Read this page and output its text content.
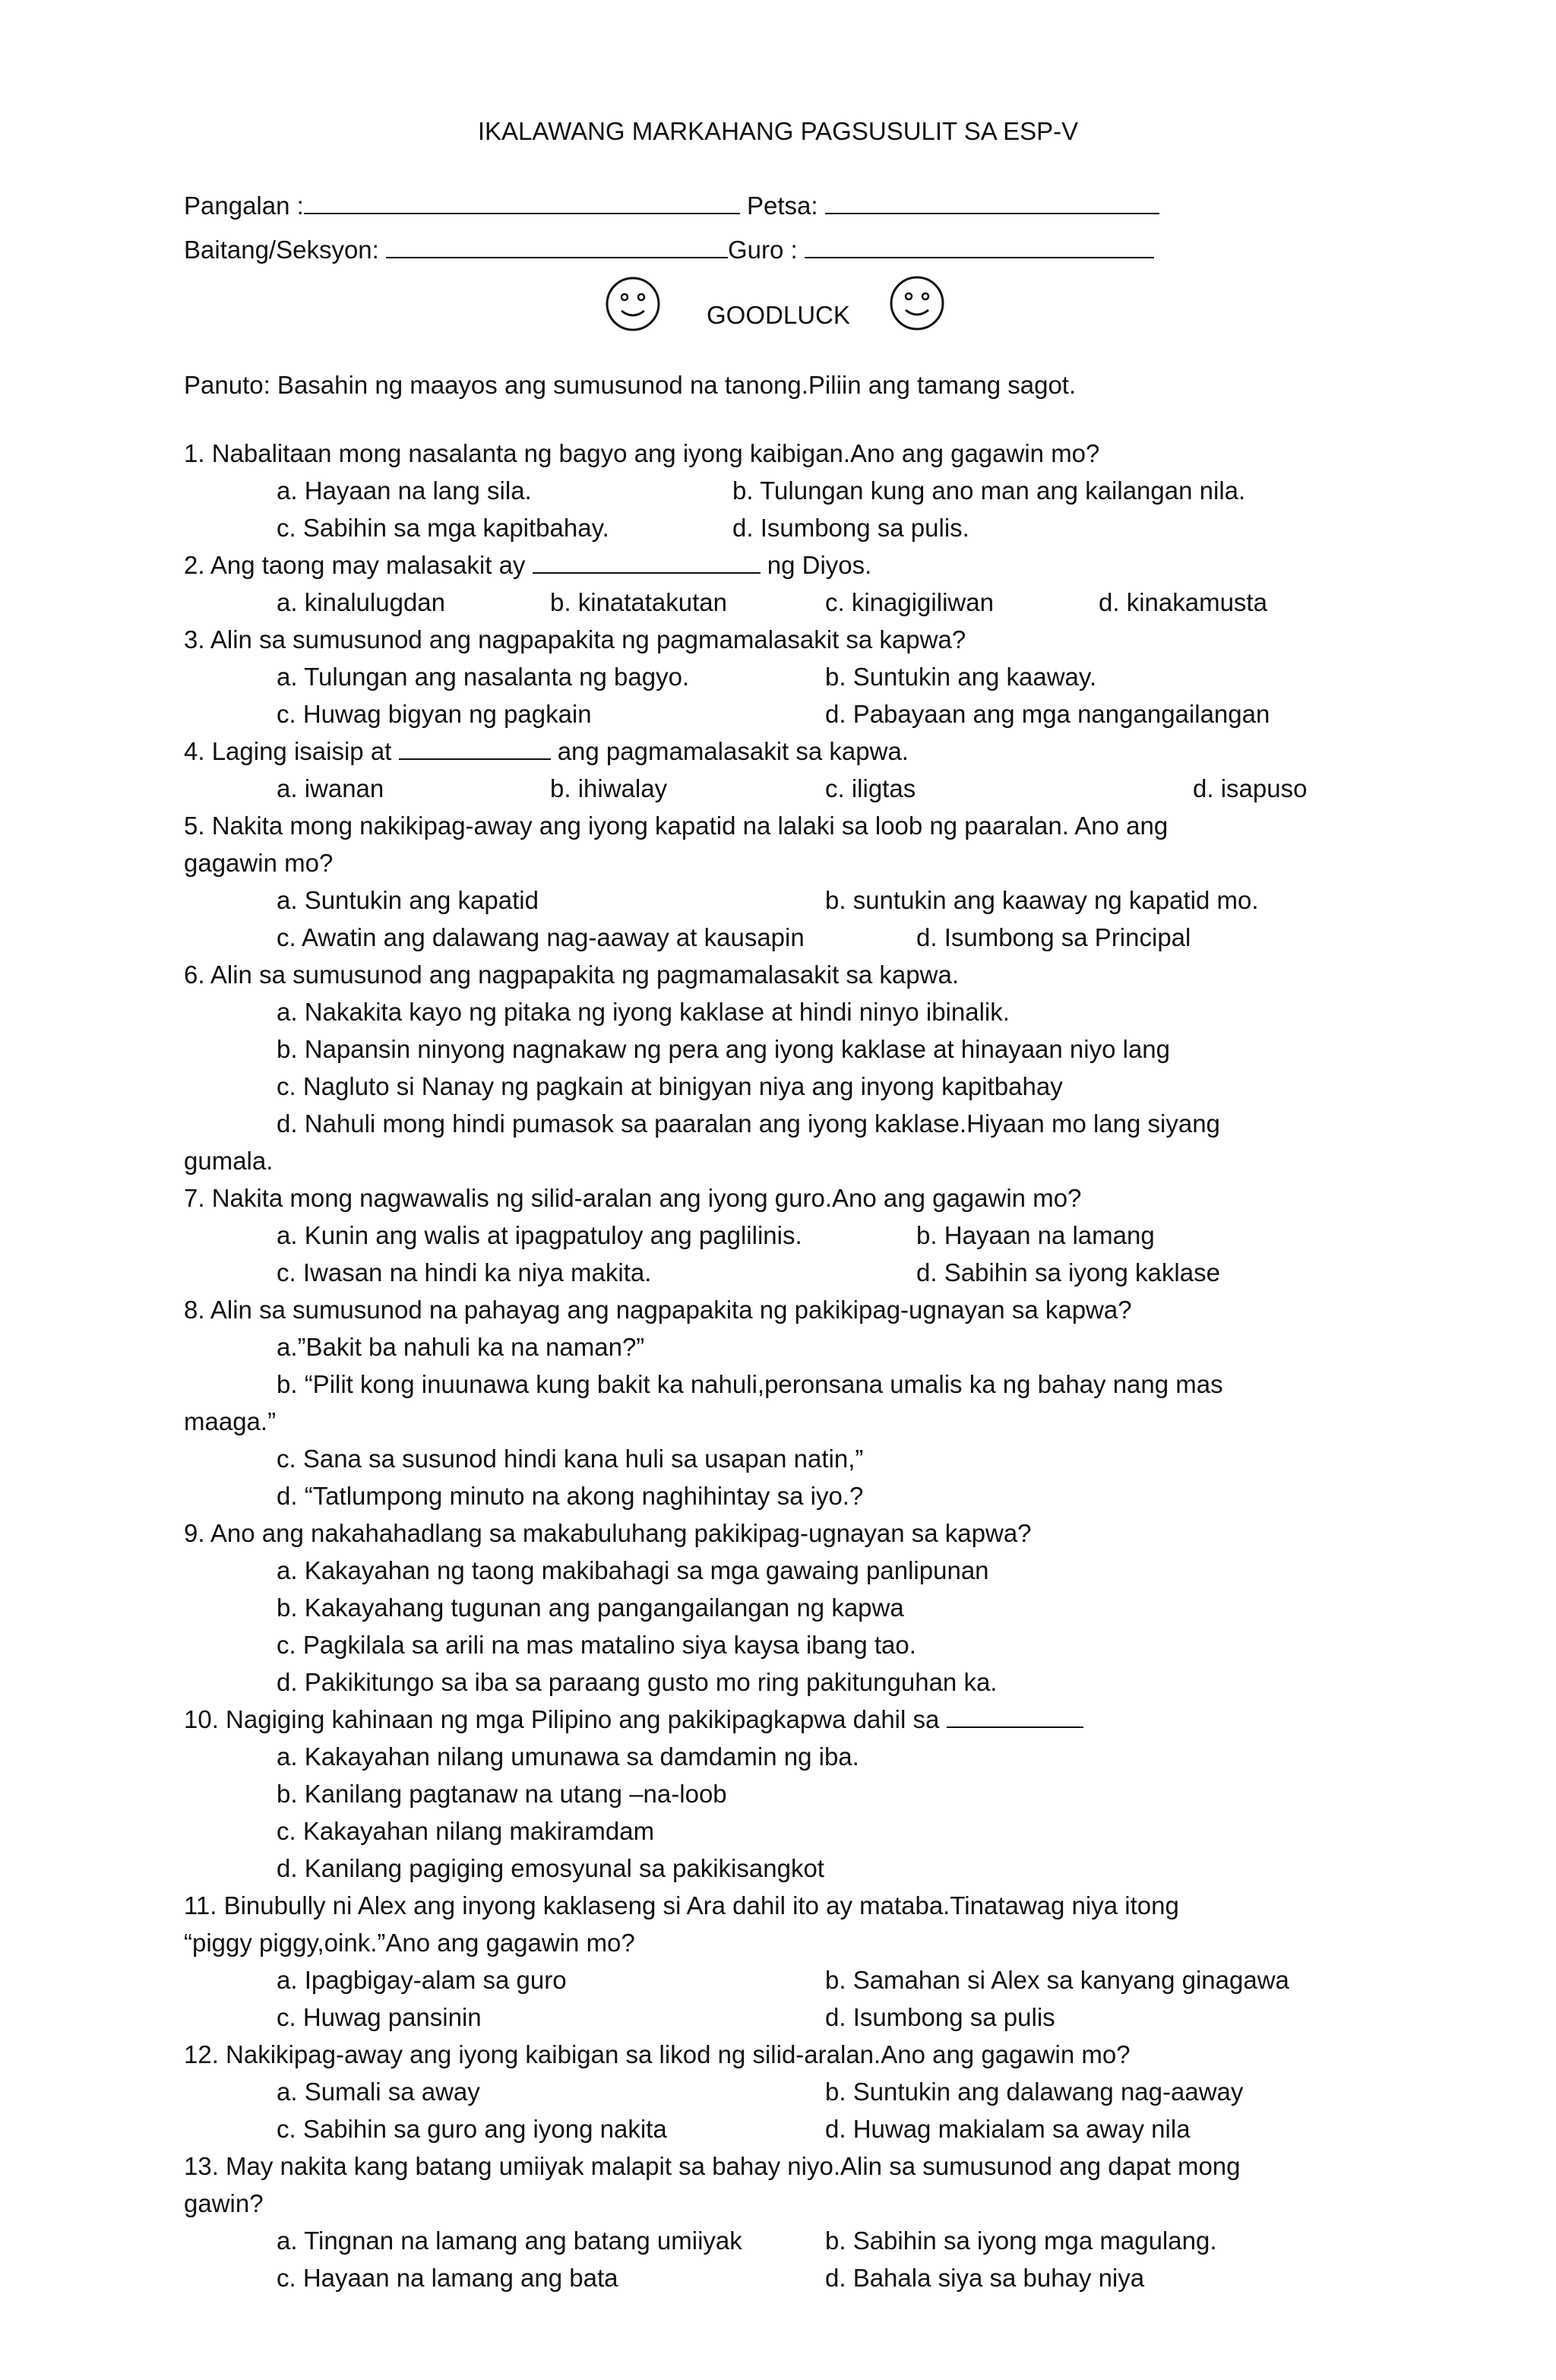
IKALAWANG MARKAHANG PAGSUSULIT SA ESP-V
Pangalan :	Petsa:
Baitang/Seksyon:	Guro :
GOODLUCK
Panuto: Basahin ng maayos ang sumusunod na tanong.Piliin ang tamang sagot.
1. Nabalitaan mong nasalanta ng bagyo ang iyong kaibigan.Ano ang gagawin mo?
a. Hayaan na lang sila.	b. Tulungan kung ano man ang kailangan nila.
c. Sabihin sa mga kapitbahay.	d. Isumbong sa pulis.
2. Ang taong may malasakit ay	ng Diyos.
a. kinalulugdan	b. kinatatakutan	c. kinagigiliwan	d. kinakamusta
3. Alin sa sumusunod ang nagpapakita ng pagmamalasakit sa kapwa?
a. Tulungan ang nasalanta ng bagyo.	b. Suntukin ang kaaway.
c. Huwag bigyan ng pagkain	d. Pabayaan ang mga nangangailangan
4. Laging isaisip at	ang pagmamalasakit sa kapwa.
a. iwanan	b. ihiwalay	c. iligtas	d. isapuso
5. Nakita mong nakikipag-away ang iyong kapatid na lalaki sa loob ng paaralan. Ano ang
gagawin mo?
a. Suntukin ang kapatid	b. suntukin ang kaaway ng kapatid mo.
c. Awatin ang dalawang nag-aaway at kausapin	d. Isumbong sa Principal
6. Alin sa sumusunod ang nagpapakita ng pagmamalasakit sa kapwa.
a. Nakakita kayo ng pitaka ng iyong kaklase at hindi ninyo ibinalik.
b. Napansin ninyong nagnakaw ng pera ang iyong kaklase at hinayaan niyo lang
c. Nagluto si Nanay ng pagkain at binigyan niya ang inyong kapitbahay
d. Nahuli mong hindi pumasok sa paaralan ang iyong kaklase.Hiyaan mo lang siyang
gumala.
7. Nakita mong nagwawalis ng silid-aralan ang iyong guro.Ano ang gagawin mo?
a. Kunin ang walis at ipagpatuloy ang paglilinis.	b. Hayaan na lamang
c. Iwasan na hindi ka niya makita.	d. Sabihin sa iyong kaklase
8. Alin sa sumusunod na pahayag ang nagpapakita ng pakikipag-ugnayan sa kapwa?
a.”Bakit ba nahuli ka na naman?”
b. “Pilit kong inuunawa kung bakit ka nahuli,peronsana umalis ka ng bahay nang mas
maaga.”
c. Sana sa susunod hindi kana huli sa usapan natin,”
d. “Tatlumpong minuto na akong naghihintay sa iyo.?
9. Ano ang nakahahadlang sa makabuluhang pakikipag-ugnayan sa kapwa?
a. Kakayahan ng taong makibahagi sa mga gawaing panlipunan
b. Kakayahang tugunan ang pangangailangan ng kapwa
c. Pagkilala sa arili na mas matalino siya kaysa ibang tao.
d. Pakikitungo sa iba sa paraang gusto mo ring pakitunguhan ka.
10. Nagiging kahinaan ng mga Pilipino ang pakikipagkapwa dahil sa
a. Kakayahan nilang umunawa sa damdamin ng iba.
b. Kanilang pagtanaw na utang –na-loob
c. Kakayahan nilang makiramdam
d. Kanilang pagiging emosyunal sa pakikisangkot
11. Binubully ni Alex ang inyong kaklaseng si Ara dahil ito ay mataba.Tinatawag niya itong
“piggy piggy,oink.”Ano ang gagawin mo?
a. Ipagbigay-alam sa guro	b. Samahan si Alex sa kanyang ginagawa
c. Huwag pansinin	d. Isumbong sa pulis
12. Nakikipag-away ang iyong kaibigan sa likod ng silid-aralan.Ano ang gagawin mo?
a. Sumali sa away	b. Suntukin ang dalawang nag-aaway
c. Sabihin sa guro ang iyong nakita	d. Huwag makialam sa away nila
13. May nakita kang batang umiiyak malapit sa bahay niyo.Alin sa sumusunod ang dapat mong
gawin?
a. Tingnan na lamang ang batang umiiyak	b. Sabihin sa iyong mga magulang.
c. Hayaan na lamang ang bata	d. Bahala siya sa buhay niya
